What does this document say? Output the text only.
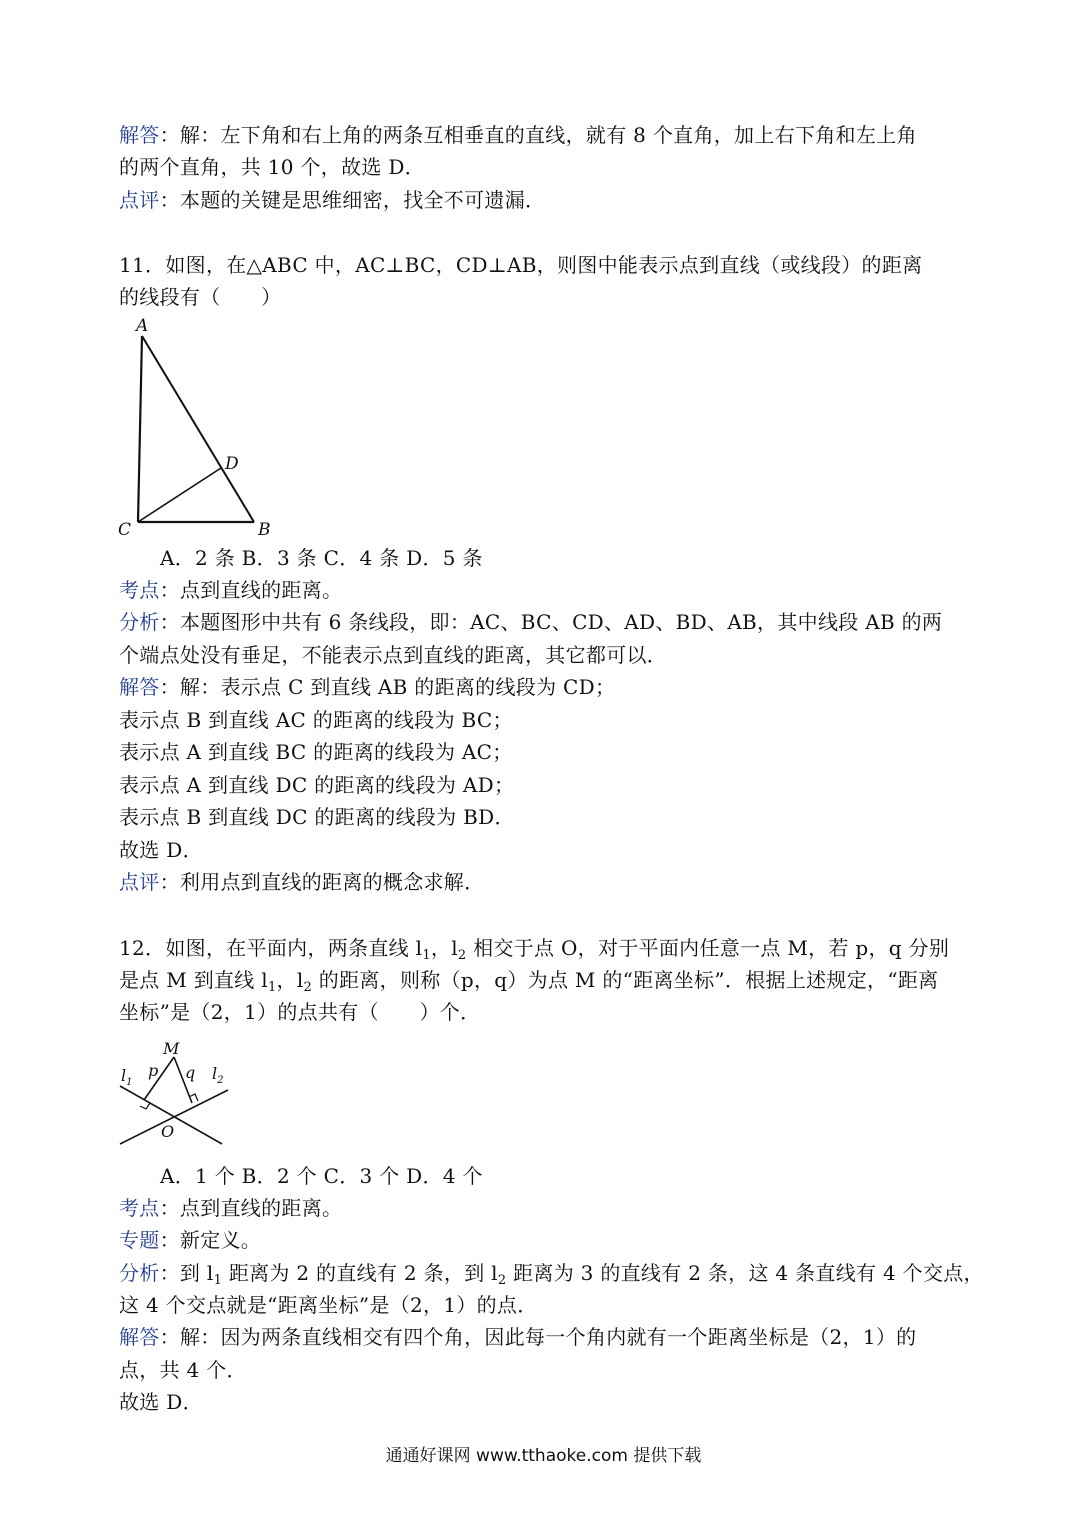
解答：解：左下角和右上角的两条互相垂直的直线，就有 8 个直角，加上右下角和左上角
的两个直角，共 10 个，故选 D．
点评：本题的关键是思维细密，找全不可遗漏．
11．如图，在△ABC 中，AC⊥BC，CD⊥AB，则图中能表示点到直线（或线段）的距离
的线段有（　　）
A
D
C	B
A．2 条 B．3 条 C．4 条 D．5 条
考点：点到直线的距离。
分析：本题图形中共有 6 条线段，即：AC、BC、CD、AD、BD、AB，其中线段 AB 的两
个端点处没有垂足，不能表示点到直线的距离，其它都可以．
解答：解：表示点 C 到直线 AB 的距离的线段为 CD；
表示点 B 到直线 AC 的距离的线段为 BC；
表示点 A 到直线 BC 的距离的线段为 AC；
表示点 A 到直线 DC 的距离的线段为 AD；
表示点 B 到直线 DC 的距离的线段为 BD．
故选 D．
点评：利用点到直线的距离的概念求解．
12．如图，在平面内，两条直线 $l_1$，$l_2$ 相交于点 O，对于平面内任意一点 M，若 p，q 分别
是点 M 到直线 $l_1$，$l_2$ 的距离，则称（p，q）为点 M 的“距离坐标”．根据上述规定，“距离
坐标”是（2，1）的点共有（　　）个．
M
p q
$l_1$	$l_2$
O
A．1 个 B．2 个 C．3 个 D．4 个
考点：点到直线的距离。
专题：新定义。
分析：到 $l_1$ 距离为 2 的直线有 2 条，到 $l_2$ 距离为 3 的直线有 2 条，这 4 条直线有 4 个交点，
这 4 个交点就是“距离坐标”是（2，1）的点．
解答：解：因为两条直线相交有四个角，因此每一个角内就有一个距离坐标是（2，1）的
点，共 4 个．
故选 D．
通通好课网 www.tthaoke.com 提供下载
